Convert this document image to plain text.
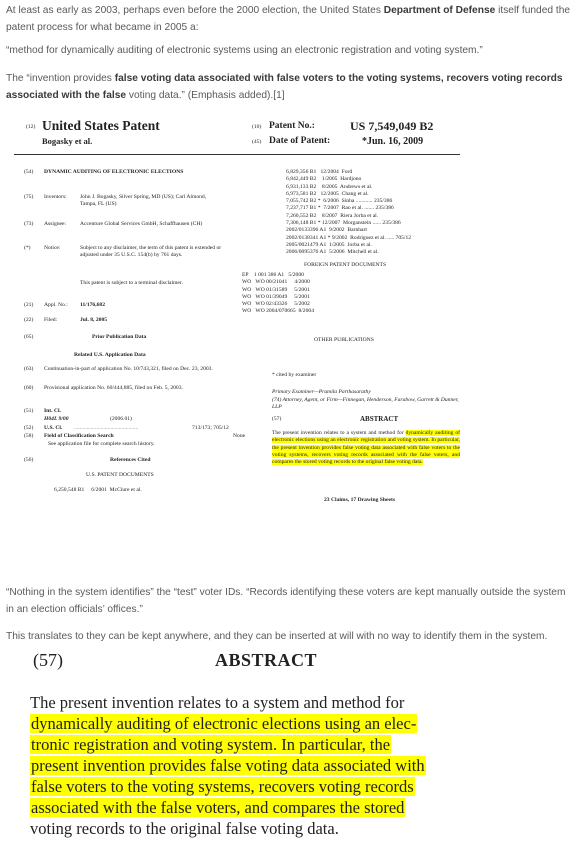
At least as early as 2003, perhaps even before the 2000 election, the United States Department of Defense itself funded the patent process for what became in 2005 a:
“method for dynamically auditing of electronic systems using an electronic registration and voting system.”
The “invention provides false voting data associated with false voters to the voting systems, recovers voting records associated with the false voting data.” (Emphasis added).[1]
(12) United States Patent
Bogasky et al.
(10) Patent No.:	US 7,549,049 B2
(45) Date of Patent:	*Jun. 16, 2009
(54) DYNAMIC AUDITING OF ELECTRONIC ELECTIONS
(75) Inventors: John J. Bogasky, Silver Spring, MD (US); Carl Almond, Tampa, FL (US)
(73) Assignee: Accenture Global Services GmbH, Schaffhausen (CH)
(*) Notice:	Subject to any disclaimer, the term of this patent is extended or adjusted under 35 U.S.C. 154(b) by 761 days.
This patent is subject to a terminal disclaimer.
(21) Appl. No.: 11/176,682
(22) Filed:	Jul. 8, 2005
(65)	Prior Publication Data
Related U.S. Application Data
(63) Continuation-in-part of application No. 10/743,321, filed on Dec. 23, 2003.
(60) Provisional application No. 60/444,885, filed on Feb. 5, 2003.
(51) Int. Cl.
H04L 9/00	(2006.01)
(52) U.S. Cl. ..............................................	713/173; 705/12
(58) Field of Classification Search	None
See application file for complete search history.
(56)	References Cited
U.S. PATENT DOCUMENTS
6,250,548 B1     6/2001  McClure et al.
6,829,356 B1   12/2004  Ford
6,842,449 B2    1/2005  Hardjono
6,931,133 B2    8/2005  Andrews et al.
6,973,581 B2   12/2005  Chang et al.
7,055,742 B2 *  6/2006  Sinha ............ 235/386
7,237,717 B1 *  7/2007  Rao et al. ....... 235/386
7,260,552 B2    8/2007  Riera Jorba et al.
7,306,148 B1 * 12/2007  Morganstein ...... 235/386
2002/0133396 A1  9/2002  Barnhart
2002/0138341 A1 * 9/2002  Rodriguez et al. ..... 705/12
2005/0021479 A1  1/2005  Jorba et al.
2006/0095376 A1  5/2006  Mitchell et al.
FOREIGN PATENT DOCUMENTS
EP    1 001 386 A1   5/2000
WO   WO 00/21041     4/2000
WO   WO 01/31589     5/2001
WO   WO 01/39049     5/2001
WO   WO 02/43326     5/2002
WO   WO 2004/070665  8/2004
OTHER PUBLICATIONS
* cited by examiner
Primary Examiner—Pramila Parthasarathy
(74) Attorney, Agent, or Firm—Finnegan, Henderson, Farabow, Garrett & Dunner, LLP
(57)	ABSTRACT
The present invention relates to a system and method for dynamically auditing of electronic elections using an electronic registration and voting system. In particular, the present invention provides false voting data associated with false voters to the voting systems, recovers voting records associated with the false voters, and compares the stored voting records to the original false voting data.
23 Claims, 17 Drawing Sheets
“Nothing in the system identifies” the “test” voter IDs. “Records identifying these voters are kept manually outside the system in an election officials’ offices.”
This translates to they can be kept anywhere, and they can be inserted at will with no way to identify them in the system.
(57)	ABSTRACT
The present invention relates to a system and method for
dynamically auditing of electronic elections using an elec-
tronic registration and voting system. In particular, the
present invention provides false voting data associated with
false voters to the voting systems, recovers voting records
associated with the false voters, and compares the stored
voting records to the original false voting data.
